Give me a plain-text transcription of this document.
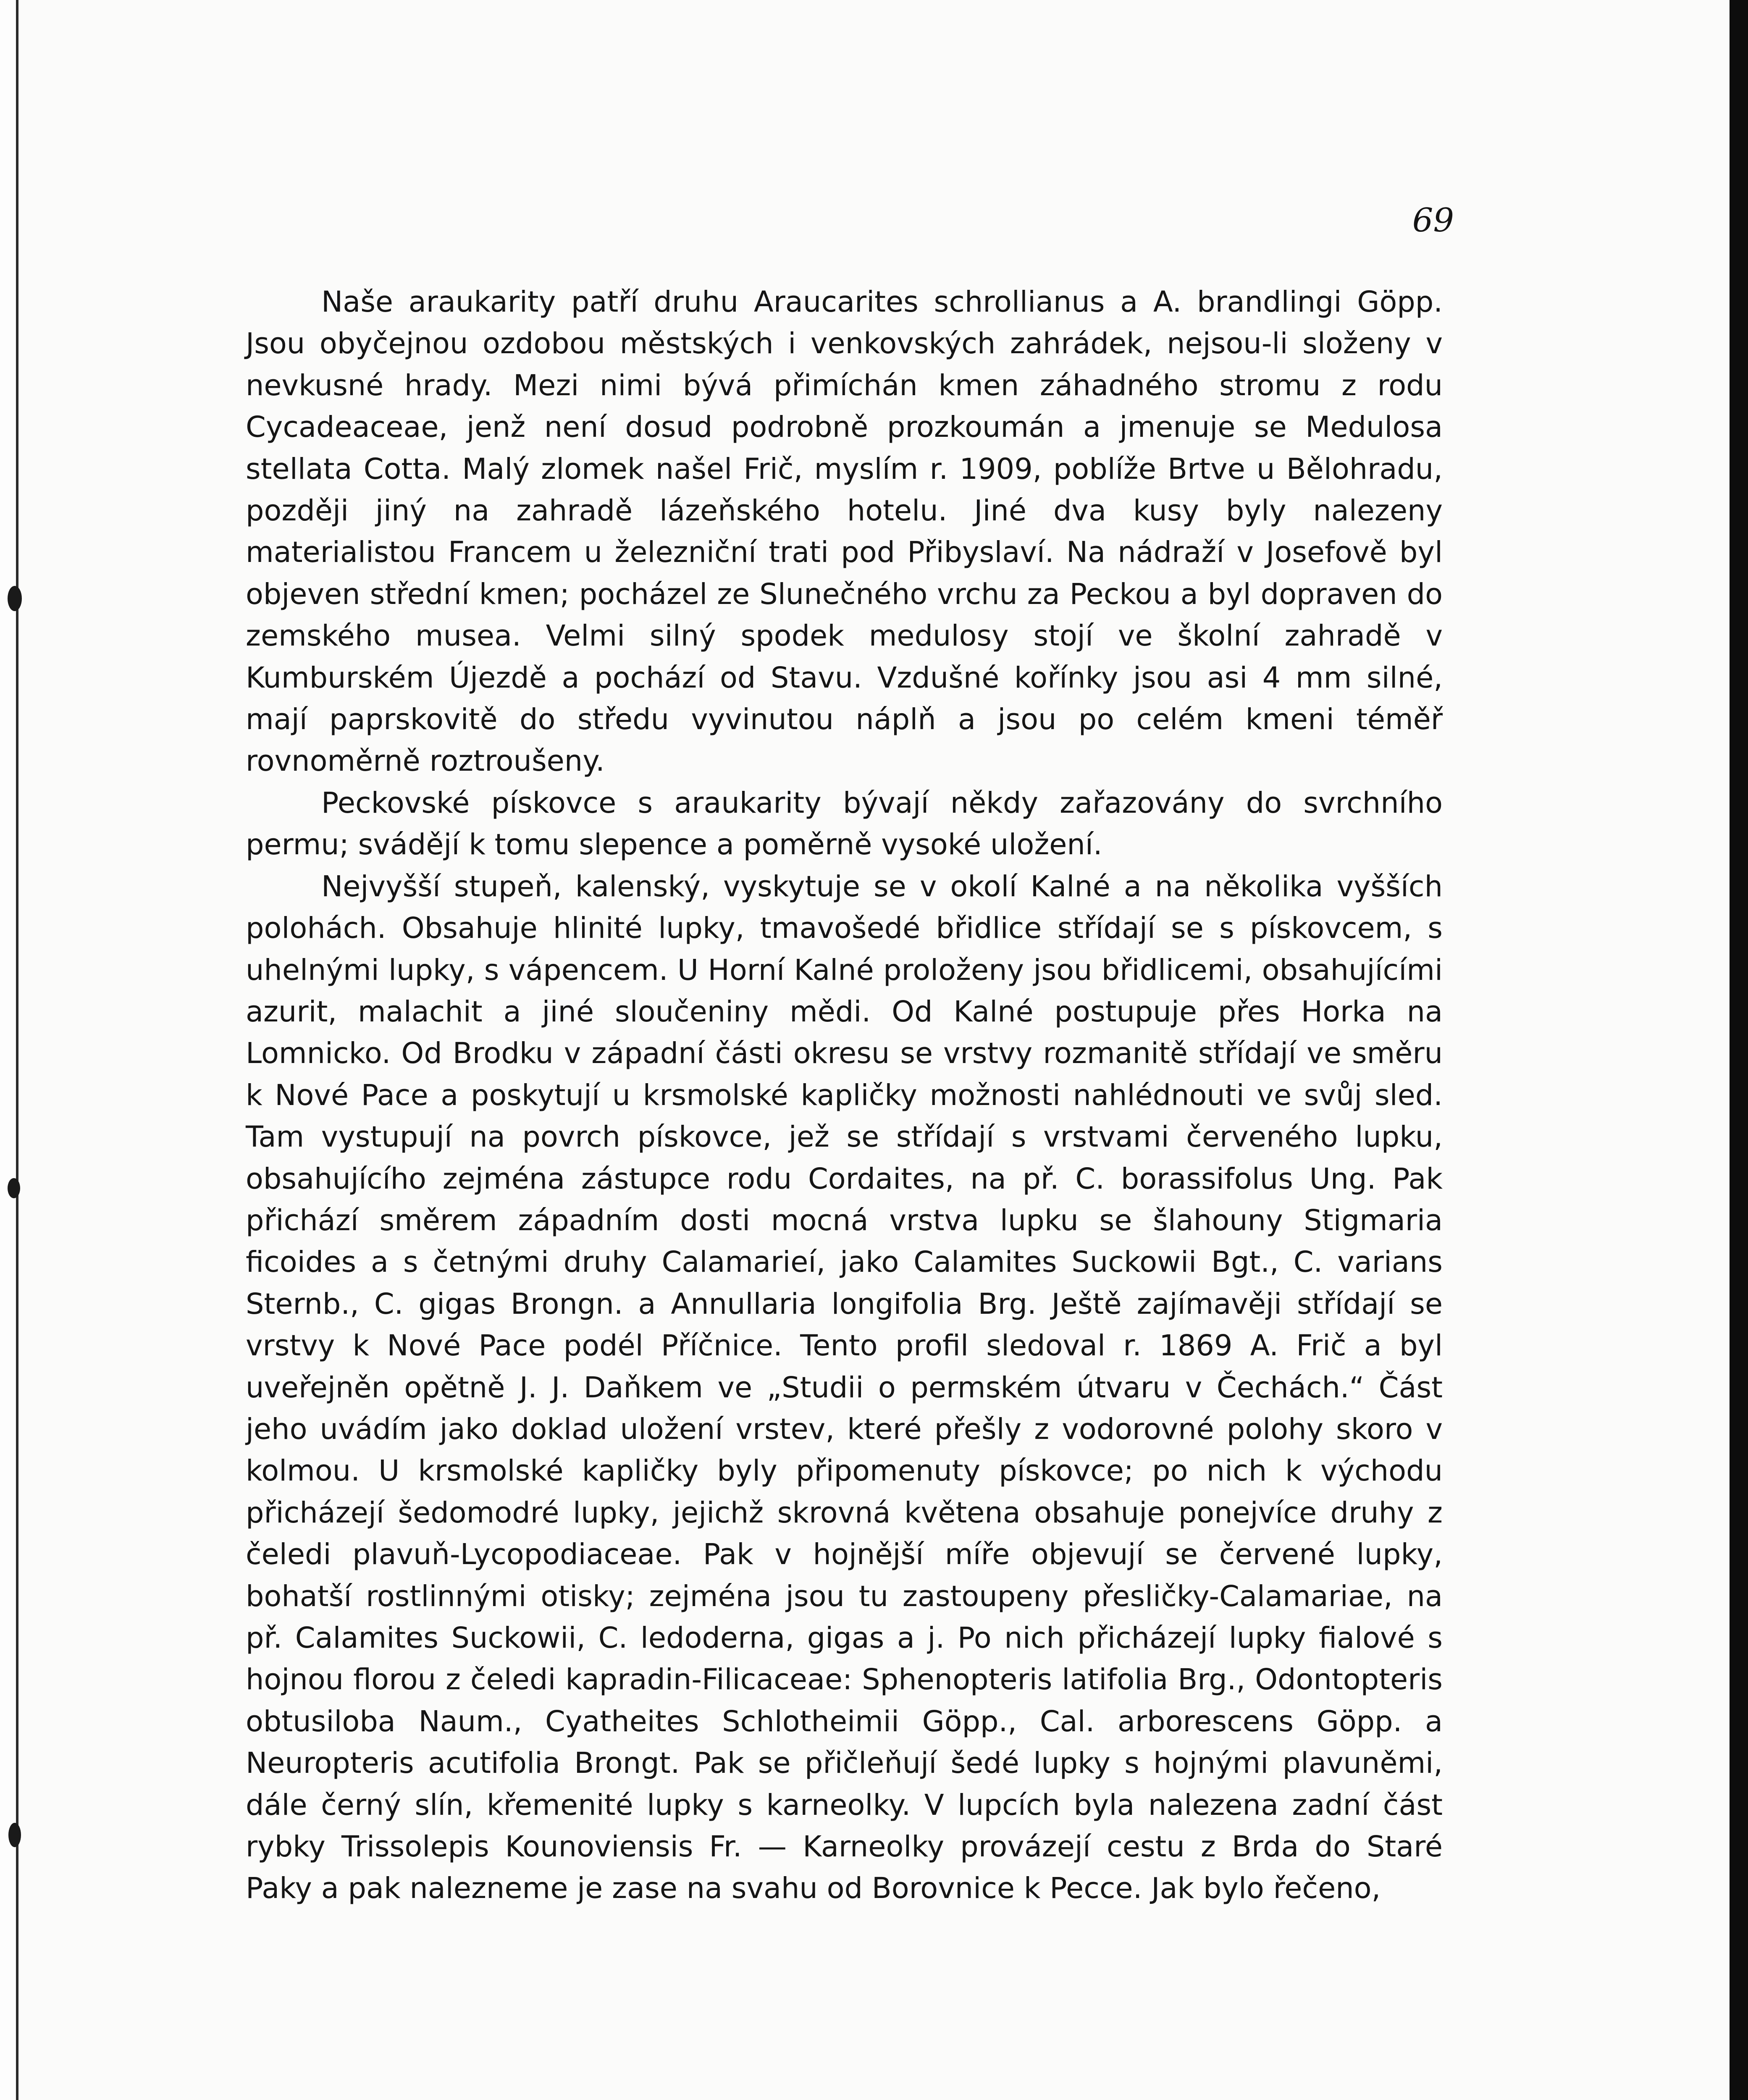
69

Naše araukarity patří druhu Araucarites schrollianus a A. brandlingi Göpp. Jsou obyčejnou ozdobou městských i venkovských zahrádek, nejsou-li složeny v nevkusné hrady. Mezi nimi bývá přimíchán kmen záhadného stromu z rodu Cycadeaceae, jenž není dosud podrobně prozkoumán a jmenuje se Medulosa stellata Cotta. Malý zlomek našel Frič, myslím r. 1909, poblíže Brtve u Bělohradu, později jiný na zahradě lázeňského hotelu. Jiné dva kusy byly nalezeny materialistou Francem u železniční trati pod Přibyslaví. Na nádraží v Josefově byl objeven střední kmen; pocházel ze Slunečného vrchu za Peckou a byl dopraven do zemského musea. Velmi silný spodek medulosy stojí ve školní zahradě v Kumburském Újezdě a pochází od Stavu. Vzdušné kořínky jsou asi 4 mm silné, mají paprskovitě do středu vyvinutou náplň a jsou po celém kmeni téměř rovnoměrně roztroušeny.

Peckovské pískovce s araukarity bývají někdy zařazovány do svrchního permu; svádějí k tomu slepence a poměrně vysoké uložení.

Nejvyšší stupeň, kalenský, vyskytuje se v okolí Kalné a na několika vyšších polohách. Obsahuje hlinité lupky, tmavošedé břidlice střídají se s pískovcem, s uhelnými lupky, s vápencem. U Horní Kalné proloženy jsou břidlicemi, obsahujícími azurit, malachit a jiné sloučeniny mědi. Od Kalné postupuje přes Horka na Lomnicko. Od Brodku v západní části okresu se vrstvy rozmanitě střídají ve směru k Nové Pace a poskytují u krsmolské kapličky možnosti nahlédnouti ve svůj sled. Tam vystupují na povrch pískovce, jež se střídají s vrstvami červeného lupku, obsahujícího zejména zástupce rodu Cordaites, na př. C. borassifolus Ung. Pak přichází směrem západním dosti mocná vrstva lupku se šlahouny Stigmaria ficoides a s četnými druhy Calamarieí, jako Calamites Suckowii Bgt., C. varians Sternb., C. gigas Brongn. a Annullaria longifolia Brg. Ještě zajímavěji střídají se vrstvy k Nové Pace podél Příčnice. Tento profil sledoval r. 1869 A. Frič a byl uveřejněn opětně J. J. Daňkem ve „Studii o permském útvaru v Čechách.“ Část jeho uvádím jako doklad uložení vrstev, které přešly z vodorovné polohy skoro v kolmou. U krsmolské kapličky byly připomenuty pískovce; po nich k východu přicházejí šedomodré lupky, jejichž skrovná květena obsahuje ponejvíce druhy z čeledi plavuň-Lycopodiaceae. Pak v hojnější míře objevují se červené lupky, bohatší rostlinnými otisky; zejména jsou tu zastoupeny přesličky-Calamariae, na př. Calamites Suckowii, C. ledoderna, gigas a j. Po nich přicházejí lupky fialové s hojnou florou z čeledi kapradin-Filicaceae: Sphenopteris latifolia Brg., Odontopteris obtusiloba Naum., Cyatheites Schlotheimii Göpp., Cal. arborescens Göpp. a Neuropteris acutifolia Brongt. Pak se přičleňují šedé lupky s hojnými plavuněmi, dále černý slín, křemenité lupky s karneolky. V lupcích byla nalezena zadní část rybky Trissolepis Kounoviensis Fr. — Karneolky provázejí cestu z Brda do Staré Paky a pak nalezneme je zase na svahu od Borovnice k Pecce. Jak bylo řečeno,
